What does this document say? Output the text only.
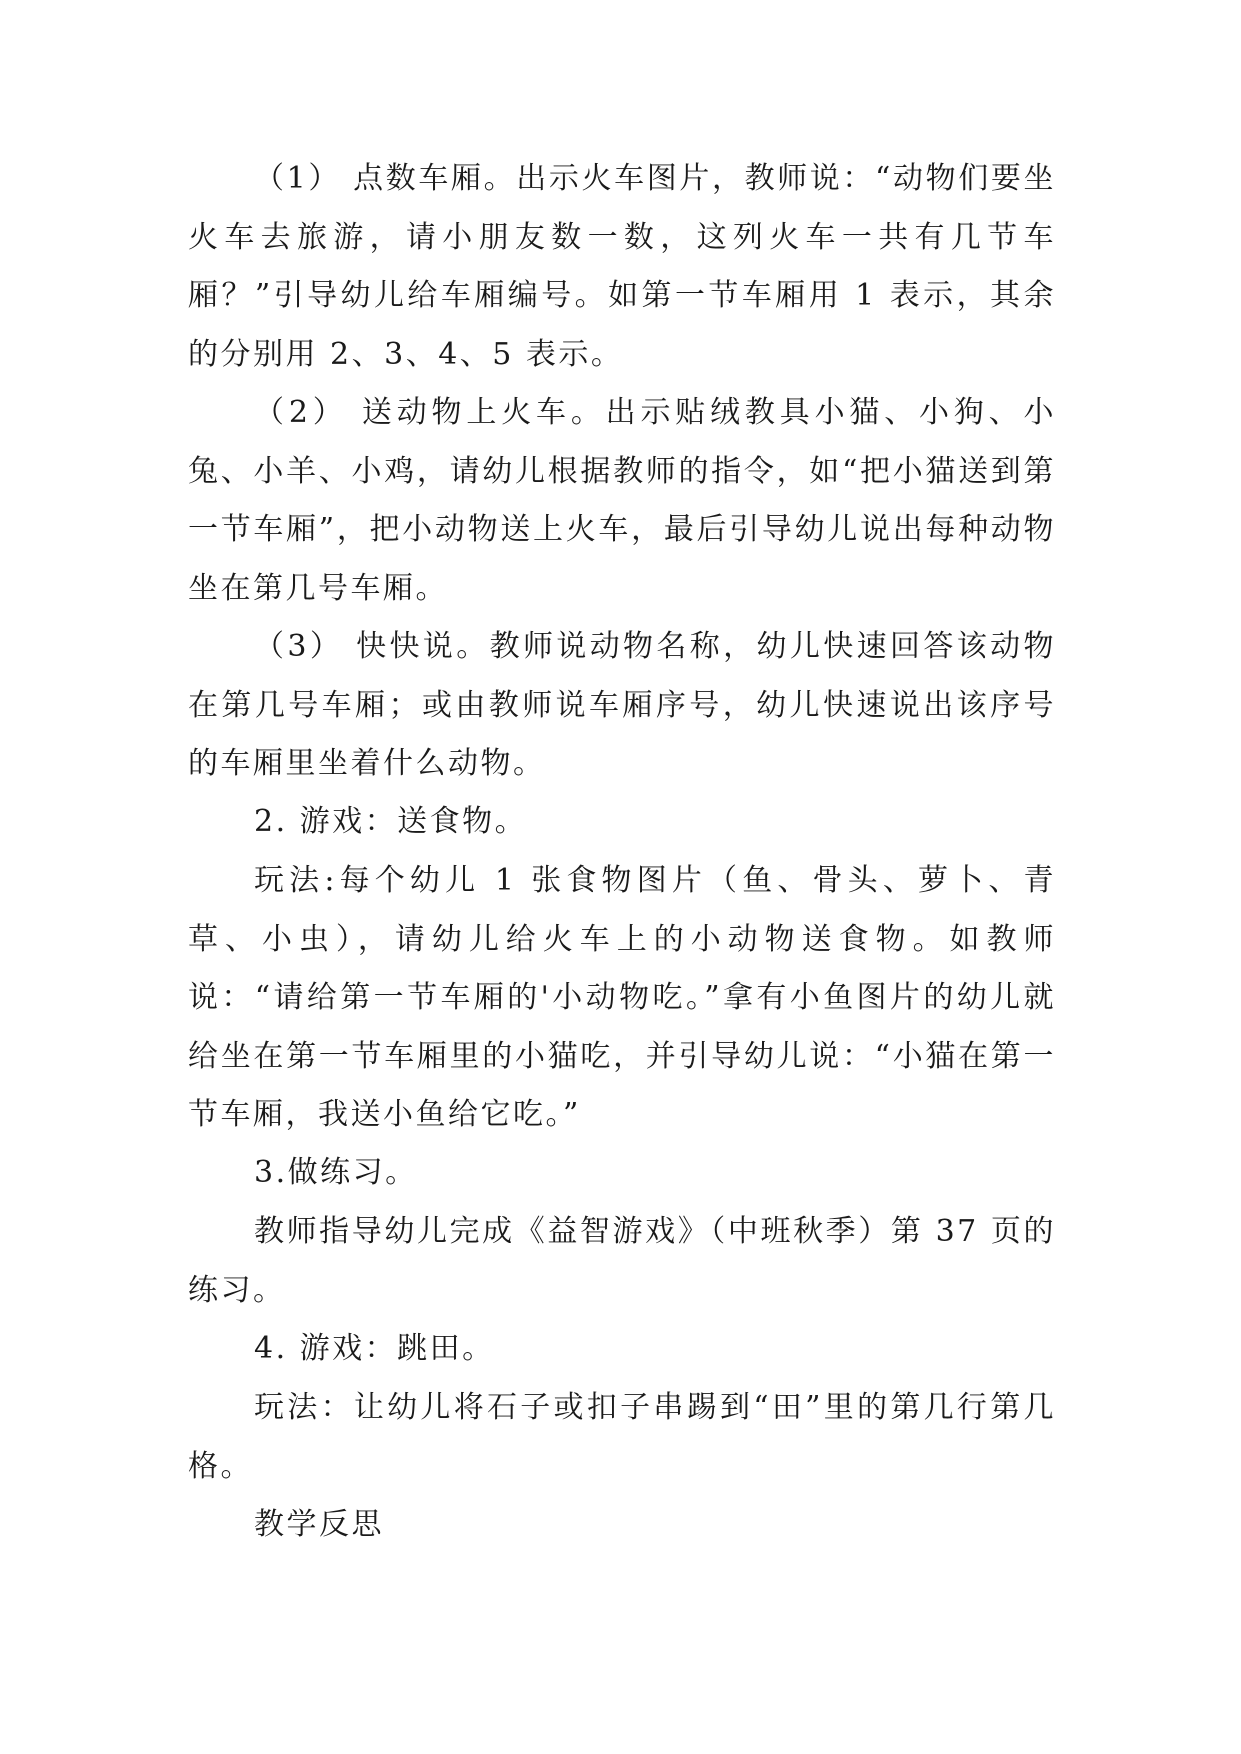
（1） 点数车厢。出示火车图片，教师说：“动物们要坐火车去旅游，请小朋友数一数，这列火车一共有几节车厢？”引导幼儿给车厢编号。如第一节车厢用 1 表示，其余的分别用 2、3、4、5 表示。

（2） 送动物上火车。出示贴绒教具小猫、小狗、小兔、小羊、小鸡，请幼儿根据教师的指令，如“把小猫送到第一节车厢”，把小动物送上火车，最后引导幼儿说出每种动物坐在第几号车厢。

（3） 快快说。教师说动物名称，幼儿快速回答该动物在第几号车厢；或由教师说车厢序号，幼儿快速说出该序号的车厢里坐着什么动物。

2. 游戏：送食物。

玩法:每个幼儿 1 张食物图片（鱼、骨头、萝卜、青草、小虫），请幼儿给火车上的小动物送食物。如教师说：“请给第一节车厢的'小动物吃。”拿有小鱼图片的幼儿就给坐在第一节车厢里的小猫吃，并引导幼儿说：“小猫在第一节车厢，我送小鱼给它吃。”

3.做练习。

教师指导幼儿完成《益智游戏》（中班秋季）第 37 页的练习。

4. 游戏：跳田。

玩法：让幼儿将石子或扣子串踢到“田”里的第几行第几格。

教学反思
